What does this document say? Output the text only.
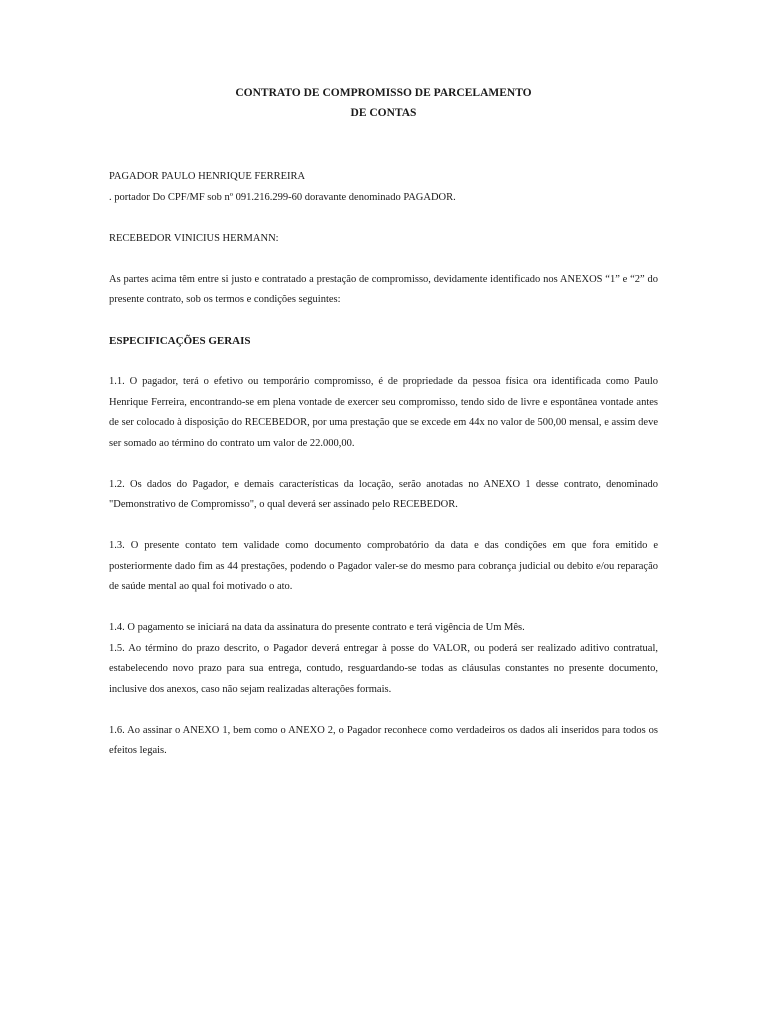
CONTRATO DE COMPROMISSO DE PARCELAMENTO
DE CONTAS

PAGADOR PAULO HENRIQUE FERREIRA

. portador Do CPF/MF sob nº 091.216.299-60 doravante denominado PAGADOR.

RECEBEDOR VINICIUS HERMANN:

As partes acima têm entre si justo e contratado a prestação de compromisso, devidamente identificado nos ANEXOS “1” e “2” do presente contrato, sob os termos e condições seguintes:

ESPECIFICAÇÕES GERAIS

1.1. O pagador, terá o efetivo ou temporário compromisso, é de propriedade da pessoa física ora identificada como Paulo Henrique Ferreira, encontrando-se em plena vontade de exercer seu compromisso, tendo sido de livre e espontânea vontade antes de ser colocado à disposição do RECEBEDOR, por uma prestação que se excede em 44x no valor de 500,00 mensal, e assim deve ser somado ao término do contrato um valor de 22.000,00.

1.2. Os dados do Pagador, e demais características da locação, serão anotadas no ANEXO 1 desse contrato, denominado "Demonstrativo de Compromisso", o qual deverá ser assinado pelo RECEBEDOR.

1.3. O presente contato tem validade como documento comprobatório da data e das condições em que fora emitido e posteriormente dado fim as 44 prestações, podendo o Pagador valer-se do mesmo para cobrança judicial ou debito e/ou reparação de saúde mental ao qual foi motivado o ato.

1.4. O pagamento se iniciará na data da assinatura do presente contrato e terá vigência de Um Mês.

1.5. Ao término do prazo descrito, o Pagador deverá entregar à posse do VALOR, ou poderá ser realizado aditivo contratual, estabelecendo novo prazo para sua entrega, contudo, resguardando-se todas as cláusulas constantes no presente documento, inclusive dos anexos, caso não sejam realizadas alterações formais.

1.6. Ao assinar o ANEXO 1, bem como o ANEXO 2, o Pagador reconhece como verdadeiros os dados ali inseridos para todos os efeitos legais.
